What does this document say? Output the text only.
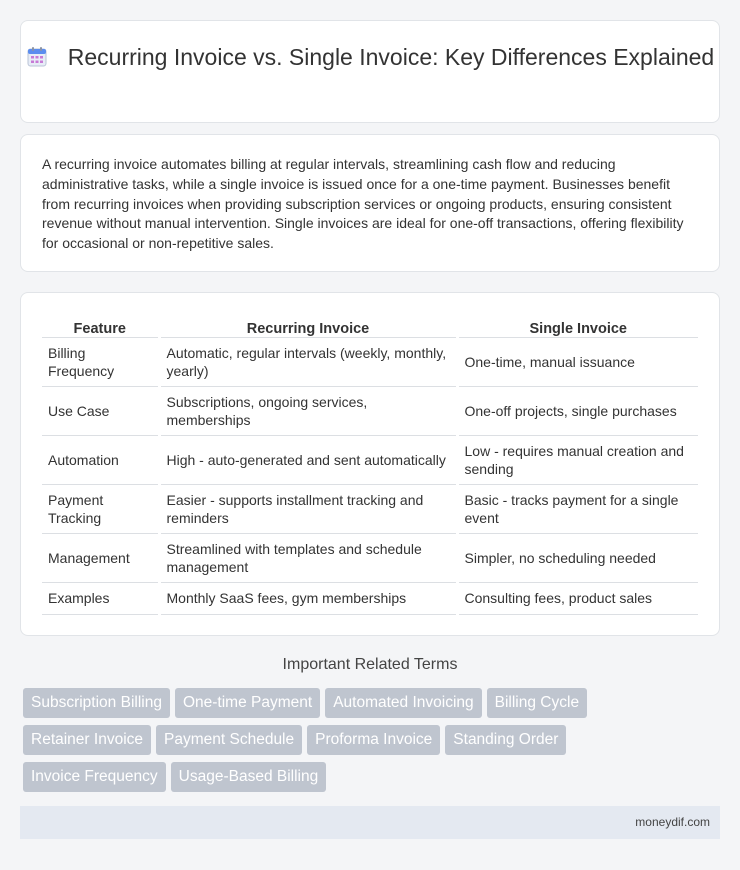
Recurring Invoice vs. Single Invoice: Key Differences Explained

A recurring invoice automates billing at regular intervals, streamlining cash flow and reducing administrative tasks, while a single invoice is issued once for a one-time payment. Businesses benefit from recurring invoices when providing subscription services or ongoing products, ensuring consistent revenue without manual intervention. Single invoices are ideal for one-off transactions, offering flexibility for occasional or non-repetitive sales.

Feature	Recurring Invoice	Single Invoice
Billing Frequency	Automatic, regular intervals (weekly, monthly, yearly)	One-time, manual issuance
Use Case	Subscriptions, ongoing services, memberships	One-off projects, single purchases
Automation	High - auto-generated and sent automatically	Low - requires manual creation and sending
Payment Tracking	Easier - supports installment tracking and reminders	Basic - tracks payment for a single event
Management	Streamlined with templates and schedule management	Simpler, no scheduling needed
Examples	Monthly SaaS fees, gym memberships	Consulting fees, product sales
Important Related Terms
Subscription Billing One-time Payment Automated Invoicing Billing Cycle
Retainer Invoice Payment Schedule Proforma Invoice Standing Order
Invoice Frequency Usage-Based Billing
moneydif.com
